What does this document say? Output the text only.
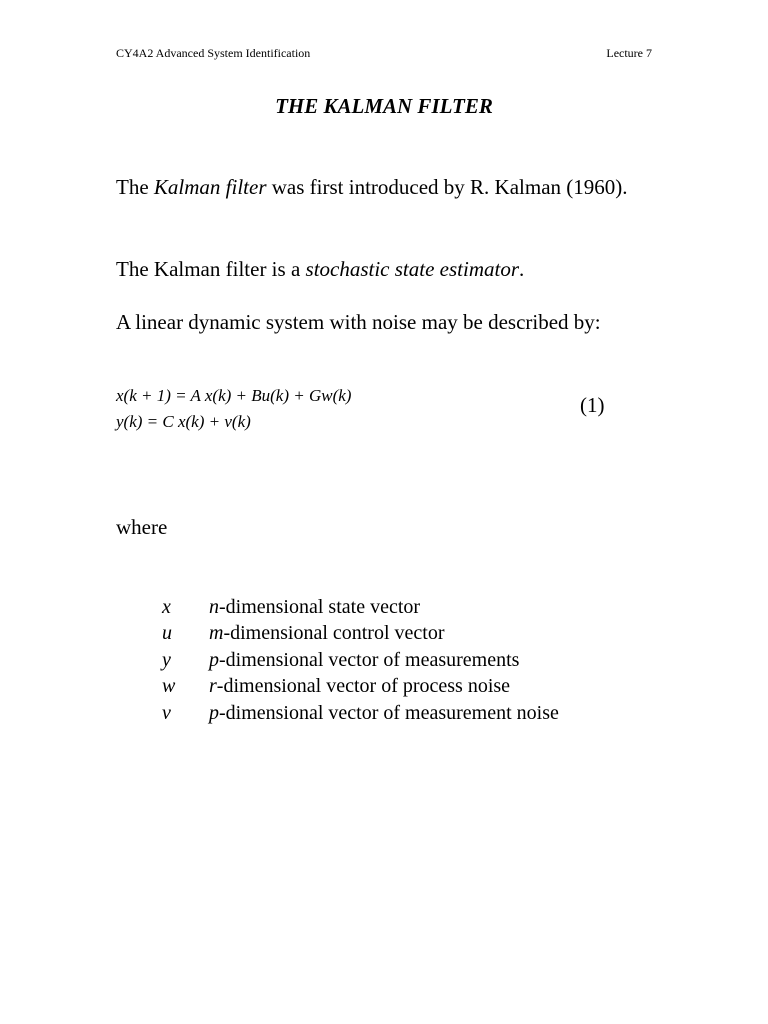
CY4A2 Advanced System Identification	Lecture 7
THE KALMAN FILTER
The Kalman filter was first introduced by R. Kalman (1960).
The Kalman filter is a stochastic state estimator.
A linear dynamic system with noise may be described by:
x(k + 1) = A x(k) + Bu(k) + Gw(k)
y(k) = C x(k) + v(k)
(1)
where
x n-dimensional state vector
u m-dimensional control vector
y p-dimensional vector of measurements
w r-dimensional vector of process noise
v p-dimensional vector of measurement noise
